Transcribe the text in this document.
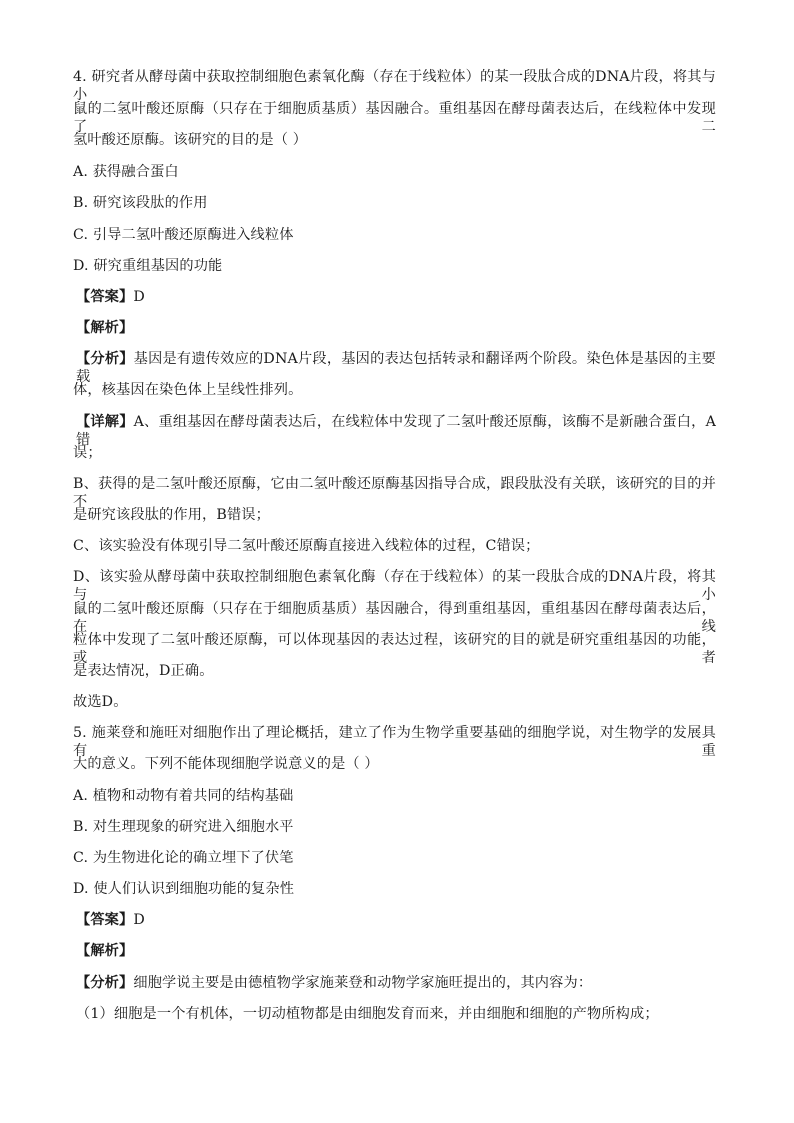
4. 研究者从酵母菌中获取控制细胞色素氧化酶（存在于线粒体）的某一段肽合成的DNA片段，将其与小
鼠的二氢叶酸还原酶（只存在于细胞质基质）基因融合。重组基因在酵母菌表达后，在线粒体中发现了二
氢叶酸还原酶。该研究的目的是（ ）
A. 获得融合蛋白
B. 研究该段肽的作用
C. 引导二氢叶酸还原酶进入线粒体
D. 研究重组基因的功能
【答案】D
【解析】
【分析】基因是有遗传效应的DNA片段，基因的表达包括转录和翻译两个阶段。染色体是基因的主要载
体，核基因在染色体上呈线性排列。
【详解】A、重组基因在酵母菌表达后，在线粒体中发现了二氢叶酸还原酶，该酶不是新融合蛋白，A错
误；
B、获得的是二氢叶酸还原酶，它由二氢叶酸还原酶基因指导合成，跟段肽没有关联，该研究的目的并不
是研究该段肽的作用，B错误；
C、该实验没有体现引导二氢叶酸还原酶直接进入线粒体的过程，C错误；
D、该实验从酵母菌中获取控制细胞色素氧化酶（存在于线粒体）的某一段肽合成的DNA片段，将其与小
鼠的二氢叶酸还原酶（只存在于细胞质基质）基因融合，得到重组基因，重组基因在酵母菌表达后，在线
粒体中发现了二氢叶酸还原酶，可以体现基因的表达过程，该研究的目的就是研究重组基因的功能，或者
是表达情况，D正确。
故选D。
5. 施莱登和施旺对细胞作出了理论概括，建立了作为生物学重要基础的细胞学说，对生物学的发展具有重
大的意义。下列不能体现细胞学说意义的是（ ）
A. 植物和动物有着共同的结构基础
B. 对生理现象的研究进入细胞水平
C. 为生物进化论的确立埋下了伏笔
D. 使人们认识到细胞功能的复杂性
【答案】D
【解析】
【分析】细胞学说主要是由德植物学家施莱登和动物学家施旺提出的，其内容为：
（1）细胞是一个有机体，一切动植物都是由细胞发育而来，并由细胞和细胞的产物所构成；
